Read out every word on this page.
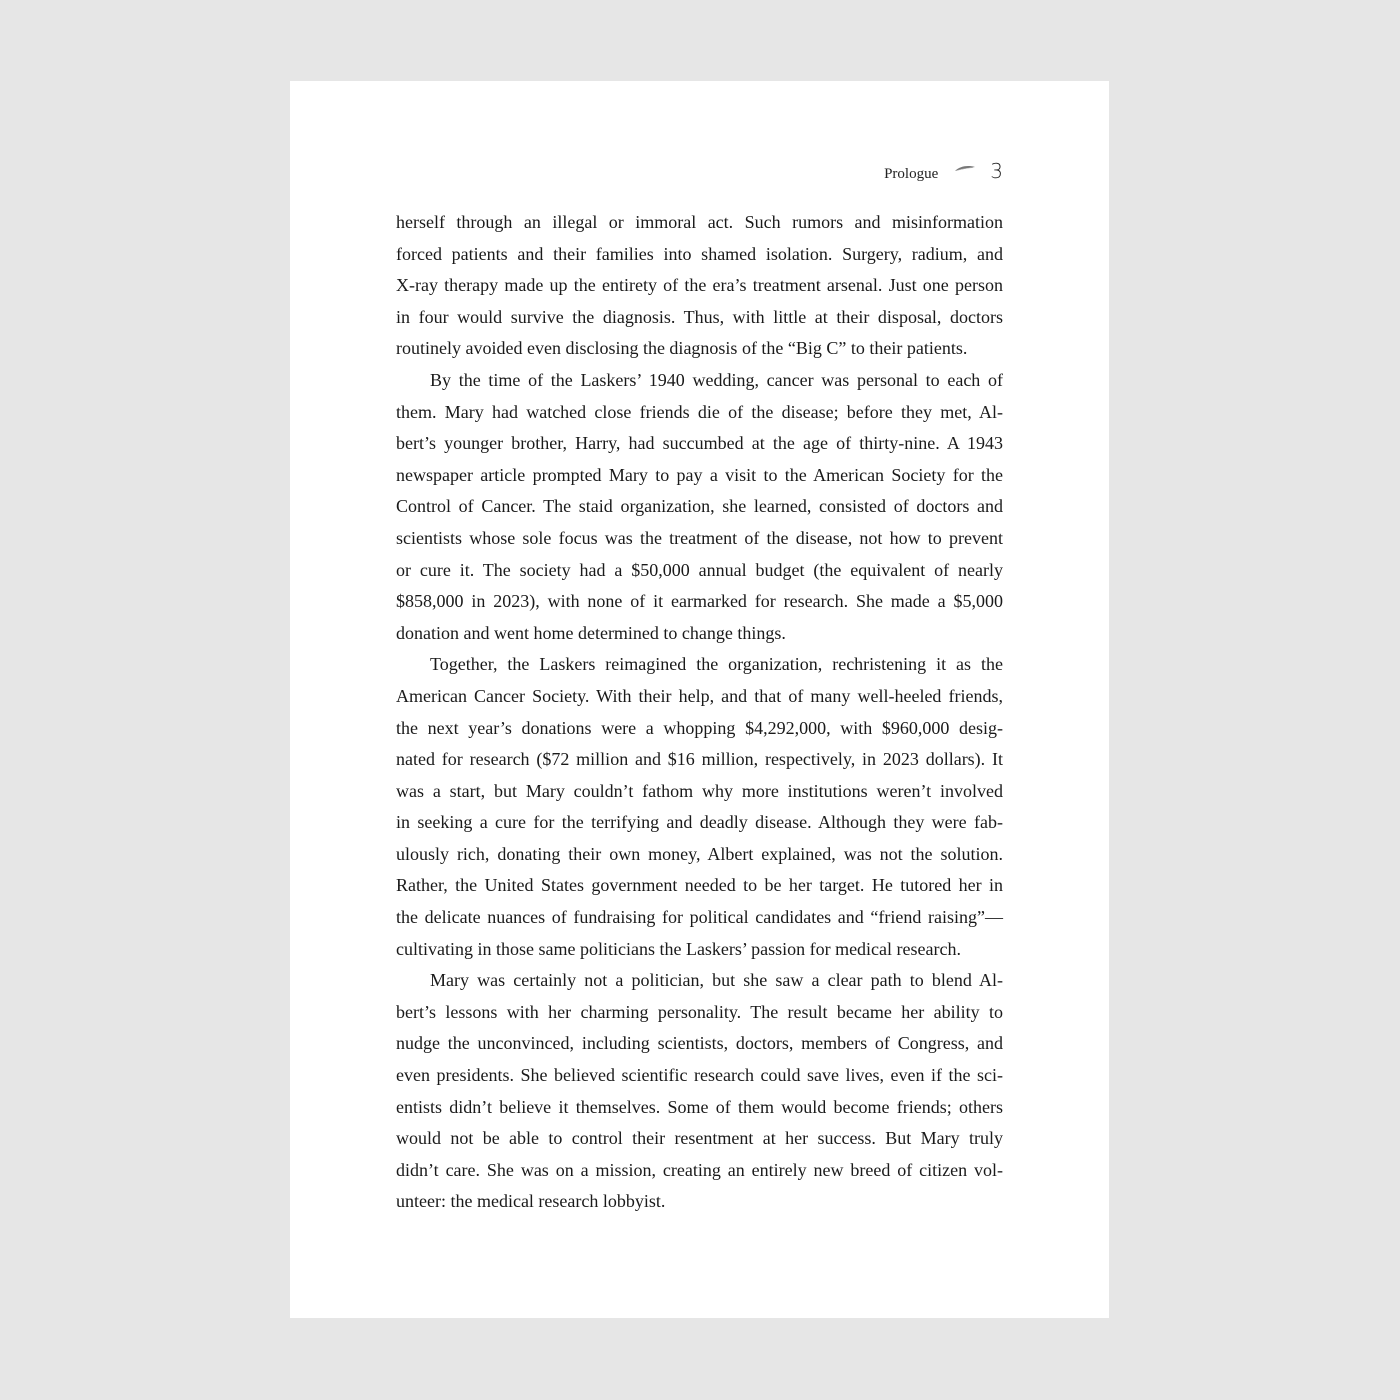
Prologue	3
herself through an illegal or immoral act. Such rumors and misinformation
forced patients and their families into shamed isolation. Surgery, radium, and
X-ray therapy made up the entirety of the era’s treatment arsenal. Just one person
in four would survive the diagnosis. Thus, with little at their disposal, doctors
routinely avoided even disclosing the diagnosis of the “Big C” to their patients.
By the time of the Laskers’ 1940 wedding, cancer was personal to each of
them. Mary had watched close friends die of the disease; before they met, Al-
bert’s younger brother, Harry, had succumbed at the age of thirty-nine. A 1943
newspaper article prompted Mary to pay a visit to the American Society for the
Control of Cancer. The staid organization, she learned, consisted of doctors and
scientists whose sole focus was the treatment of the disease, not how to prevent
or cure it. The society had a $50,000 annual budget (the equivalent of nearly
$858,000 in 2023), with none of it earmarked for research. She made a $5,000
donation and went home determined to change things.
Together, the Laskers reimagined the organization, rechristening it as the
American Cancer Society. With their help, and that of many well-heeled friends,
the next year’s donations were a whopping $4,292,000, with $960,000 desig-
nated for research ($72 million and $16 million, respectively, in 2023 dollars). It
was a start, but Mary couldn’t fathom why more institutions weren’t involved
in seeking a cure for the terrifying and deadly disease. Although they were fab-
ulously rich, donating their own money, Albert explained, was not the solution.
Rather, the United States government needed to be her target. He tutored her in
the delicate nuances of fundraising for political candidates and “friend raising”—
cultivating in those same politicians the Laskers’ passion for medical research.
Mary was certainly not a politician, but she saw a clear path to blend Al-
bert’s lessons with her charming personality. The result became her ability to
nudge the unconvinced, including scientists, doctors, members of Congress, and
even presidents. She believed scientific research could save lives, even if the sci-
entists didn’t believe it themselves. Some of them would become friends; others
would not be able to control their resentment at her success. But Mary truly
didn’t care. She was on a mission, creating an entirely new breed of citizen vol-
unteer: the medical research lobbyist.
